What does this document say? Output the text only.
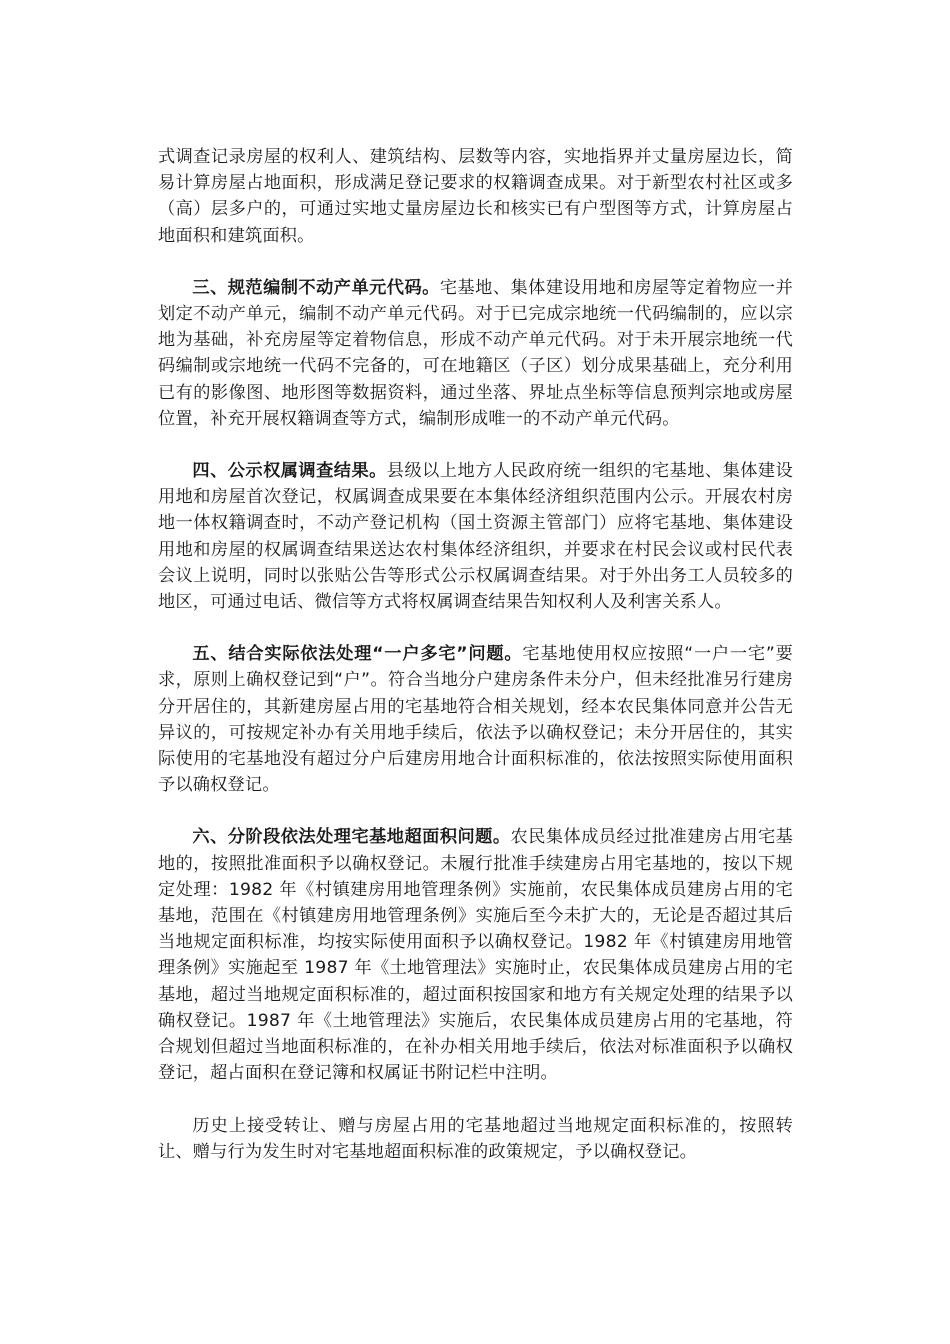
式调查记录房屋的权利人、建筑结构、层数等内容，实地指界并丈量房屋边长，简易计算房屋占地面积，形成满足登记要求的权籍调查成果。对于新型农村社区或多（高）层多户的，可通过实地丈量房屋边长和核实已有户型图等方式，计算房屋占地面积和建筑面积。

三、规范编制不动产单元代码。宅基地、集体建设用地和房屋等定着物应一并划定不动产单元，编制不动产单元代码。对于已完成宗地统一代码编制的，应以宗地为基础，补充房屋等定着物信息，形成不动产单元代码。对于未开展宗地统一代码编制或宗地统一代码不完备的，可在地籍区（子区）划分成果基础上，充分利用已有的影像图、地形图等数据资料，通过坐落、界址点坐标等信息预判宗地或房屋位置，补充开展权籍调查等方式，编制形成唯一的不动产单元代码。

四、公示权属调查结果。县级以上地方人民政府统一组织的宅基地、集体建设用地和房屋首次登记，权属调查成果要在本集体经济组织范围内公示。开展农村房地一体权籍调查时，不动产登记机构（国土资源主管部门）应将宅基地、集体建设用地和房屋的权属调查结果送达农村集体经济组织，并要求在村民会议或村民代表会议上说明，同时以张贴公告等形式公示权属调查结果。对于外出务工人员较多的地区，可通过电话、微信等方式将权属调查结果告知权利人及利害关系人。

五、结合实际依法处理“一户多宅”问题。宅基地使用权应按照“一户一宅”要求，原则上确权登记到“户”。符合当地分户建房条件未分户，但未经批准另行建房分开居住的，其新建房屋占用的宅基地符合相关规划，经本农民集体同意并公告无异议的，可按规定补办有关用地手续后，依法予以确权登记；未分开居住的，其实际使用的宅基地没有超过分户后建房用地合计面积标准的，依法按照实际使用面积予以确权登记。

六、分阶段依法处理宅基地超面积问题。农民集体成员经过批准建房占用宅基地的，按照批准面积予以确权登记。未履行批准手续建房占用宅基地的，按以下规定处理：1982 年《村镇建房用地管理条例》实施前，农民集体成员建房占用的宅基地，范围在《村镇建房用地管理条例》实施后至今未扩大的，无论是否超过其后当地规定面积标准，均按实际使用面积予以确权登记。1982 年《村镇建房用地管理条例》实施起至 1987 年《土地管理法》实施时止，农民集体成员建房占用的宅基地，超过当地规定面积标准的，超过面积按国家和地方有关规定处理的结果予以确权登记。1987 年《土地管理法》实施后，农民集体成员建房占用的宅基地，符合规划但超过当地面积标准的，在补办相关用地手续后，依法对标准面积予以确权登记，超占面积在登记簿和权属证书附记栏中注明。

历史上接受转让、赠与房屋占用的宅基地超过当地规定面积标准的，按照转让、赠与行为发生时对宅基地超面积标准的政策规定，予以确权登记。
